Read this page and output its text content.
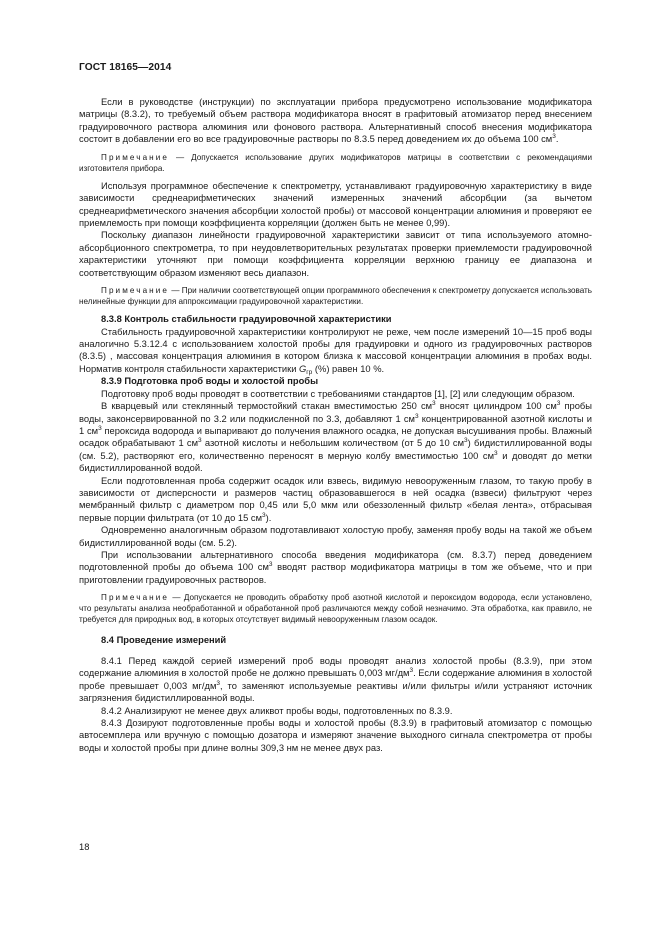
ГОСТ 18165—2014

Если в руководстве (инструкции) по эксплуатации прибора предусмотрено использование модификатора матрицы (8.3.2), то требуемый объем раствора модификатора вносят в графитовый атомизатор перед внесением градуировочного раствора алюминия или фонового раствора. Альтернативный способ внесения модификатора состоит в добавлении его во все градуировочные растворы по 8.3.5 перед доведением их до объема 100 $см^3$.

Примечание — Допускается использование других модификаторов матрицы в соответствии с рекомендациями изготовителя прибора.

Используя программное обеспечение к спектрометру, устанавливают градуировочную характеристику в виде зависимости среднеарифметических значений измеренных значений абсорбции (за вычетом среднеарифметического значения абсорбции холостой пробы) от массовой концентрации алюминия и проверяют ее приемлемость при помощи коэффициента корреляции (должен быть не менее 0,99).

Поскольку диапазон линейности градуировочной характеристики зависит от типа используемого атомно-абсорбционного спектрометра, то при неудовлетворительных результатах проверки приемлемости градуировочной характеристики уточняют при помощи коэффициента корреляции верхнюю границу ее диапазона и соответствующим образом изменяют весь диапазон.

Примечание — При наличии соответствующей опции программного обеспечения к спектрометру допускается использовать нелинейные функции для аппроксимации градуировочной характеристики.

8.3.8 Контроль стабильности градуировочной характеристики

Стабильность градуировочной характеристики контролируют не реже, чем после измерений 10—15 проб воды аналогично 5.3.12.4 с использованием холостой пробы для градуировки и одного из градуировочных растворов (8.3.5) , массовая концентрация алюминия в котором близка к массовой концентрации алюминия в пробах воды. Норматив контроля стабильности характеристики $G_{гр}$ (%) равен 10 %.

8.3.9 Подготовка проб воды и холостой пробы

Подготовку проб воды проводят в соответствии с требованиями стандартов [1], [2] или следующим образом.

В кварцевый или стеклянный термостойкий стакан вместимостью 250 $см^3$ вносят цилиндром 100 $см^3$ пробы воды, законсервированной по 3.2 или подкисленной по 3.3, добавляют 1 $см^3$ концентрированной азотной кислоты и 1 $см^3$ пероксида водорода и выпаривают до получения влажного осадка, не допуская высушивания пробы. Влажный осадок обрабатывают 1 $см^3$ азотной кислоты и небольшим количеством (от 5 до 10 $см^3$) бидистиллированной воды (см. 5.2), растворяют его, количественно переносят в мерную колбу вместимостью 100 $см^3$ и доводят до метки бидистиллированной водой.

Если подготовленная проба содержит осадок или взвесь, видимую невооруженным глазом, то такую пробу в зависимости от дисперсности и размеров частиц образовавшегося в ней осадка (взвеси) фильтруют через мембранный фильтр с диаметром пор 0,45 или 5,0 мкм или обеззоленный фильтр «белая лента», отбрасывая первые порции фильтрата (от 10 до 15 $см^3$).

Одновременно аналогичным образом подготавливают холостую пробу, заменяя пробу воды на такой же объем бидистиллированной воды (см. 5.2).

При использовании альтернативного способа введения модификатора (см. 8.3.7) перед доведением подготовленной пробы до объема 100 $см^3$ вводят раствор модификатора матрицы в том же объеме, что и при приготовлении градуировочных растворов.

Примечание — Допускается не проводить обработку проб азотной кислотой и пероксидом водорода, если установлено, что результаты анализа необработанной и обработанной проб различаются между собой незначимо. Эта обработка, как правило, не требуется для природных вод, в которых отсутствует видимый невооруженным глазом осадок.

8.4 Проведение измерений

8.4.1 Перед каждой серией измерений проб воды проводят анализ холостой пробы (8.3.9), при этом содержание алюминия в холостой пробе не должно превышать 0,003 $мг/дм^3$. Если содержание алюминия в холостой пробе превышает 0,003 $мг/дм^3$, то заменяют используемые реактивы и/или фильтры и/или устраняют источник загрязнения бидистиллированной воды.

8.4.2 Анализируют не менее двух аликвот пробы воды, подготовленных по 8.3.9.

8.4.3 Дозируют подготовленные пробы воды и холостой пробы (8.3.9) в графитовый атомизатор с помощью автосемплера или вручную с помощью дозатора и измеряют значение выходного сигнала спектрометра от пробы воды и холостой пробы при длине волны 309,3 нм не менее двух раз.

18
